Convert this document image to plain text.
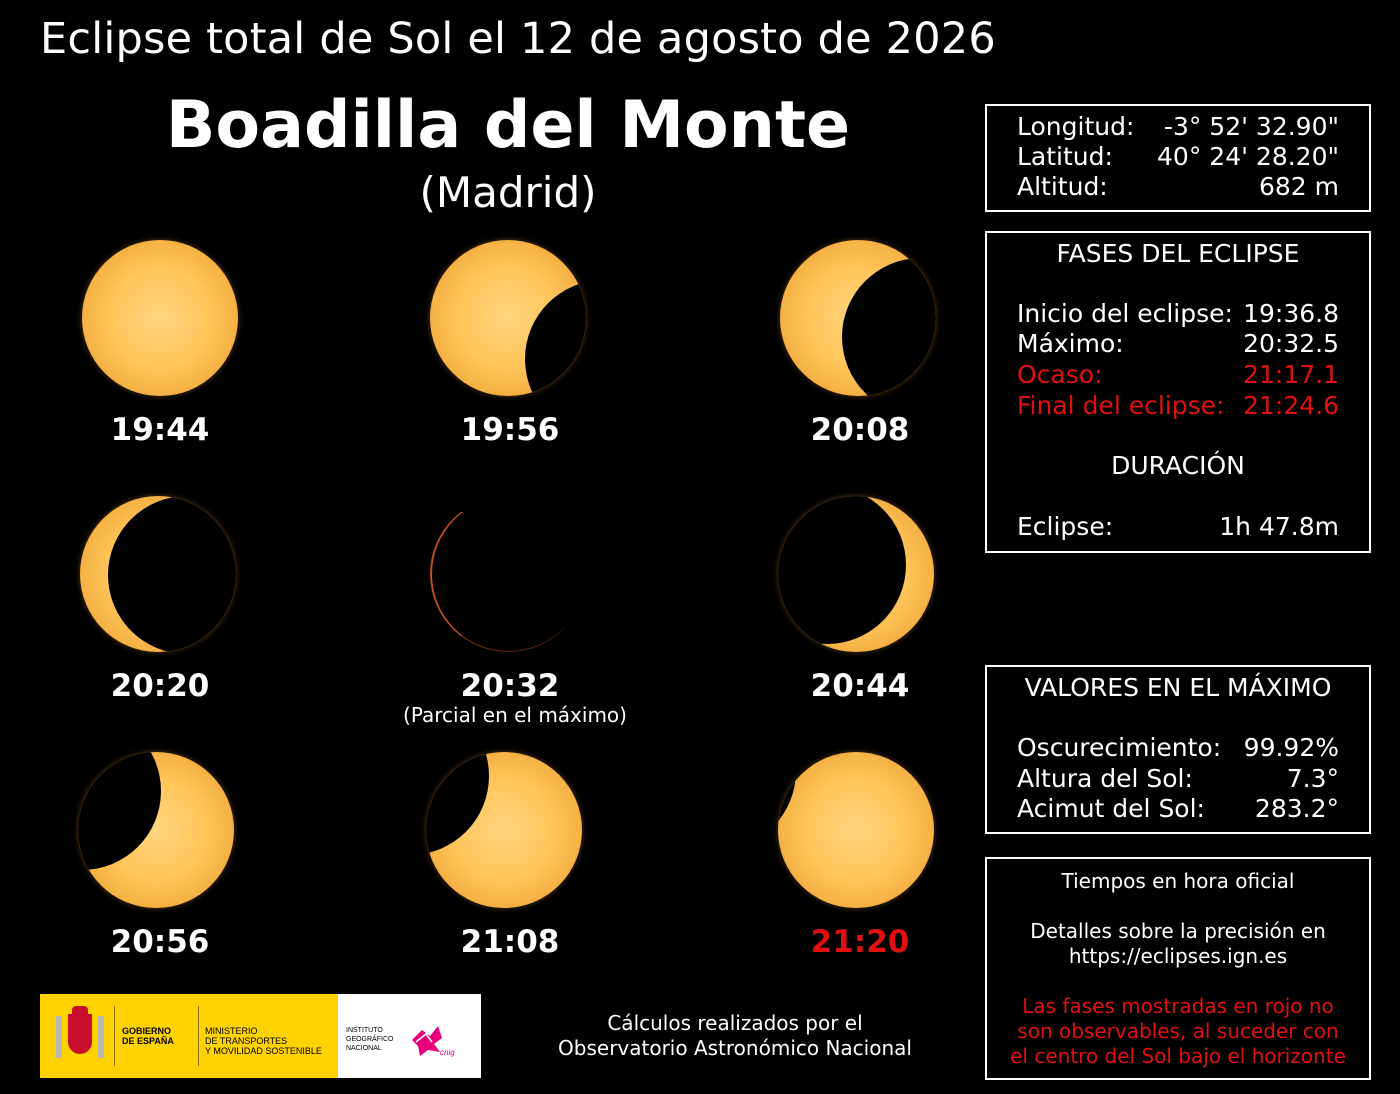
Eclipse total de Sol el 12 de agosto de 2026
Boadilla del Monte
(Madrid)
19:44	19:56	20:08
20:20	20:32	20:44
20:56	21:08	21:20
(Parcial en el máximo)
Longitud: -3° 52' 32.90"
Latitud: 40° 24' 28.20"
Altitud:	682 m
FASES DEL ECLIPSE
Inicio del eclipse: 19:36.8
Máximo:	20:32.5
Ocaso:	21:17.1
Final del eclipse: 21:24.6
DURACIÓN
Eclipse:	1h 47.8m
VALORES EN EL MÁXIMO
Oscurecimiento: 99.92%
Altura del Sol:	7.3°
Acimut del Sol: 283.2°
Tiempos en hora oficial
Detalles sobre la precisión en
https://eclipses.ign.es
Las fases mostradas en rojo no
son observables, al suceder con
el centro del Sol bajo el horizonte
GOBIERNO
DE ESPAÑA
MINISTERIO
DE TRANSPORTES
Y MOVILIDAD SOSTENIBLE
INSTITUTO
GEOGRÁFICO
NACIONAL	cnig
Cálculos realizados por el
Observatorio Astronómico Nacional
